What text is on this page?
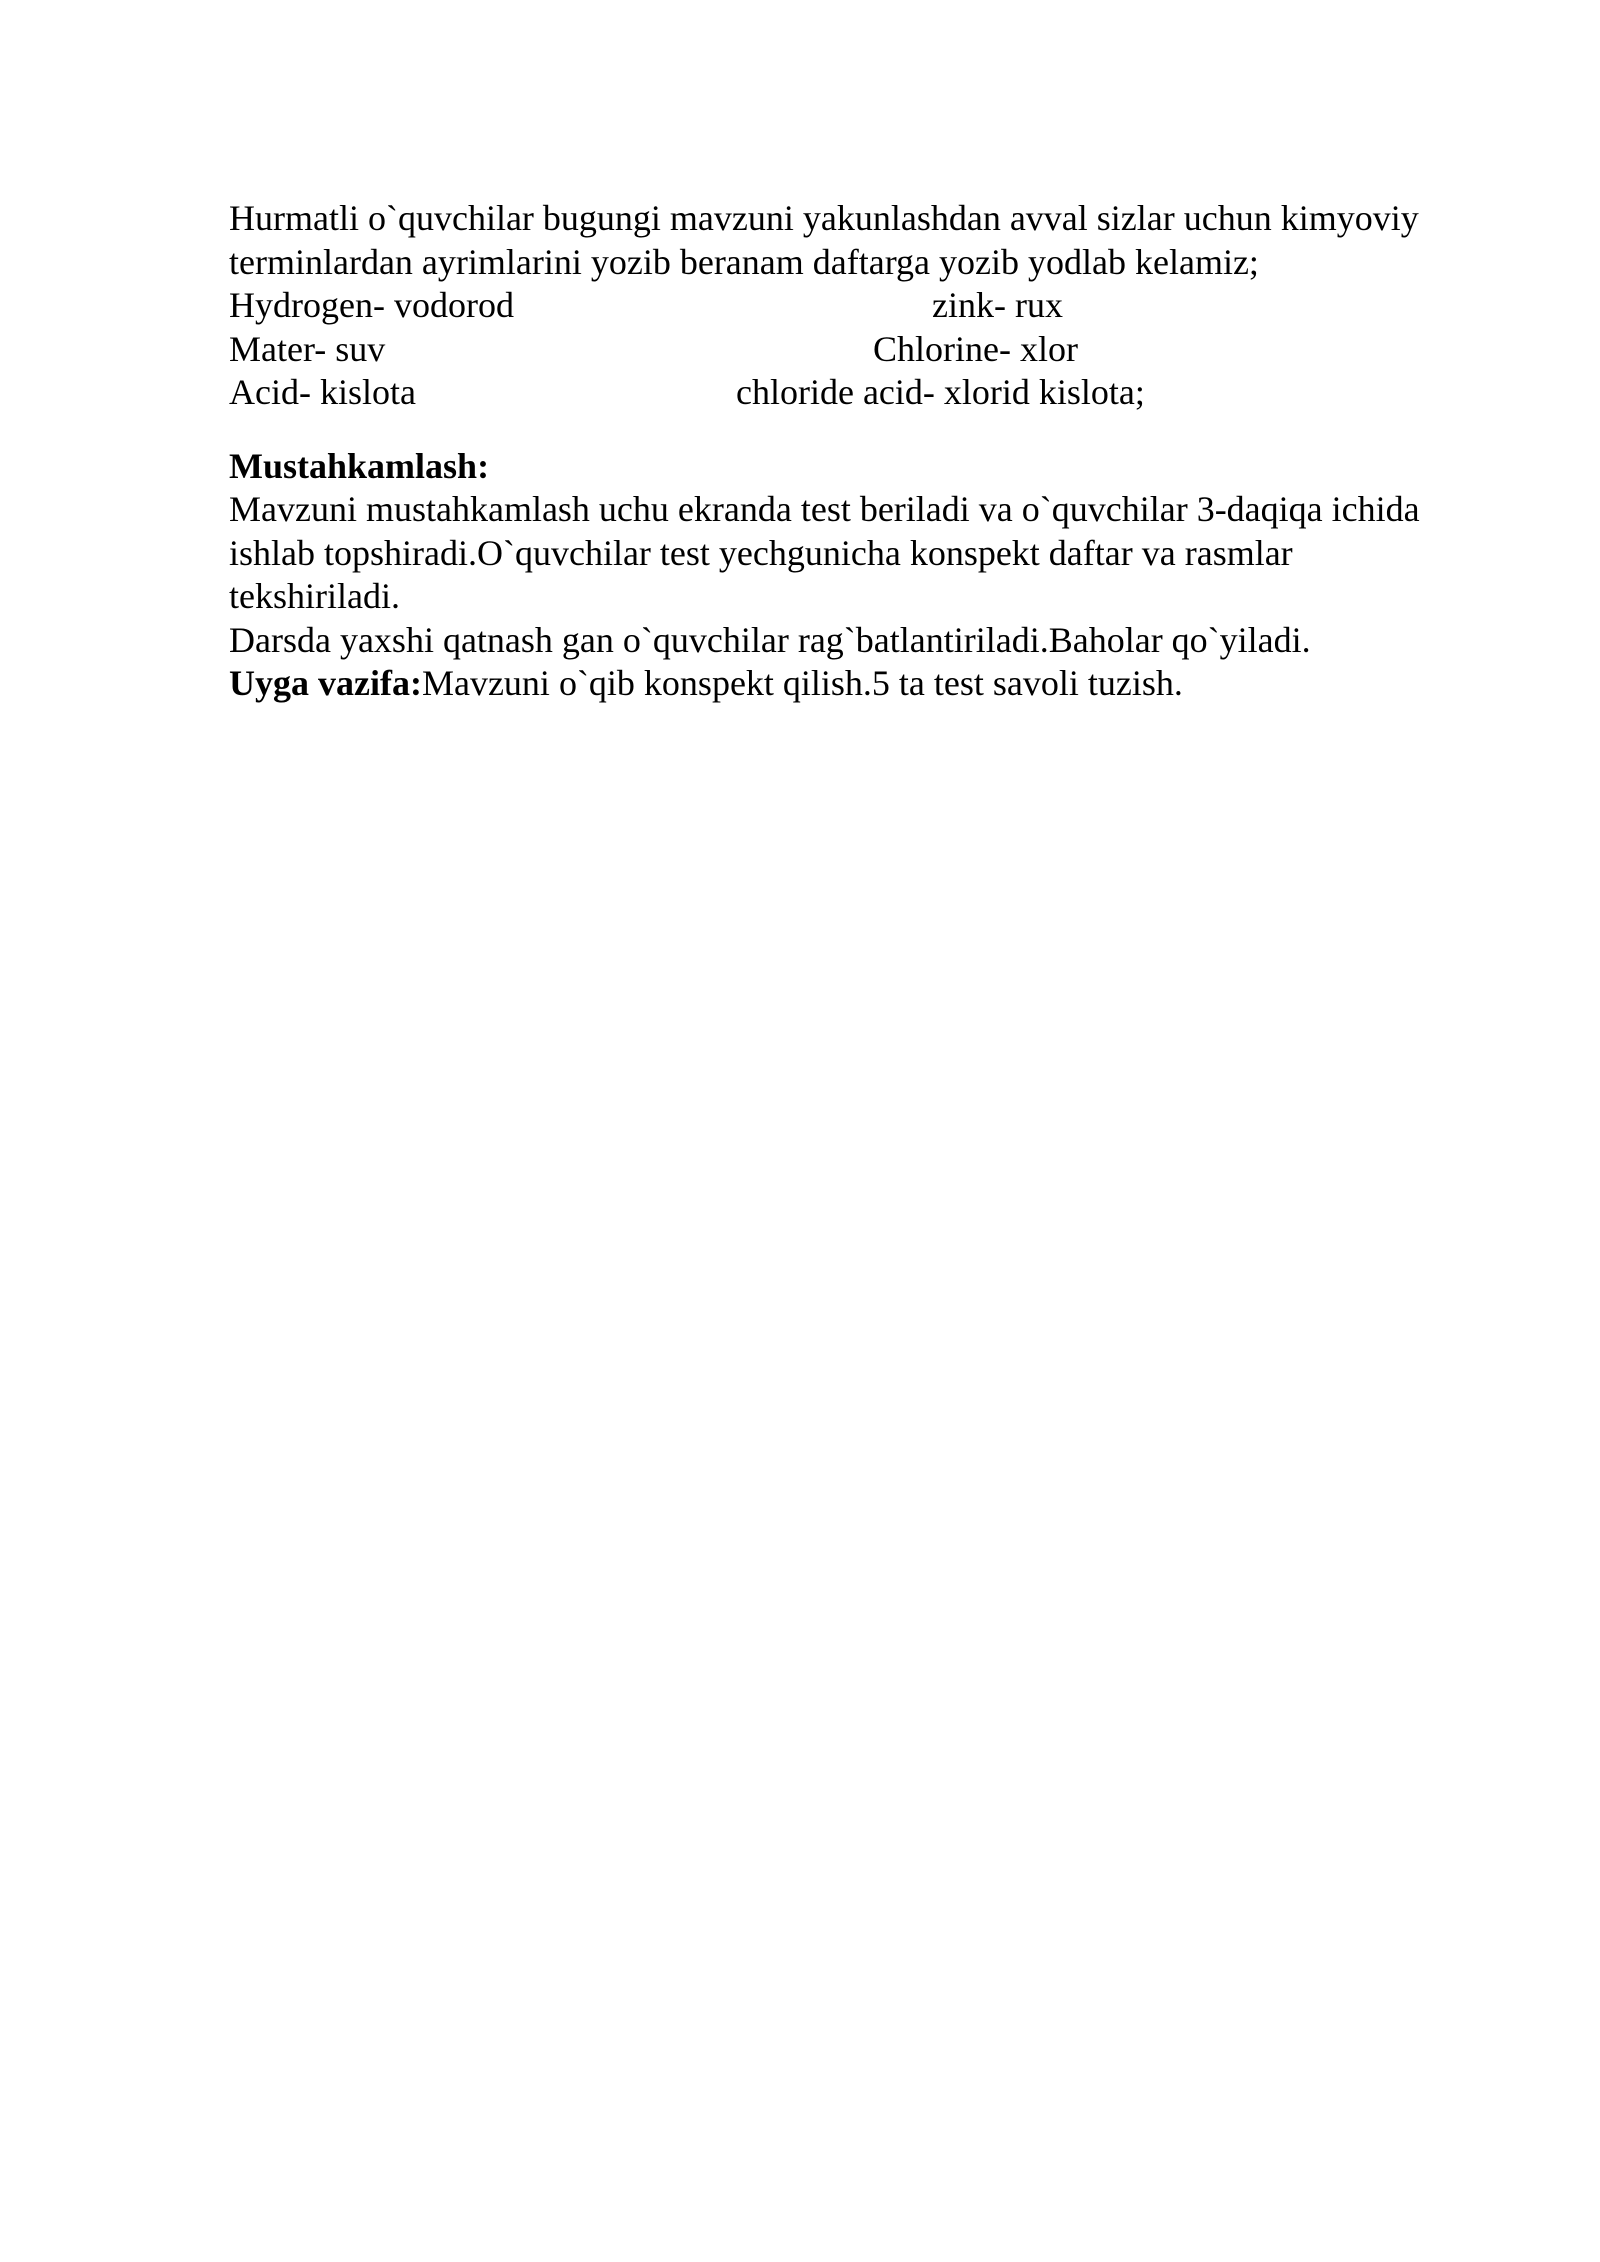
Hurmatli o`quvchilar bugungi mavzuni yakunlashdan avval sizlar uchun kimyoviy
terminlardan ayrimlarini yozib beranam daftarga yozib yodlab kelamiz;
Hydrogen- vodorod	zink- rux
Mater- suv	Chlorine- xlor
Acid- kislota	chloride acid- xlorid kislota;
Mustahkamlash:
Mavzuni mustahkamlash uchu ekranda test beriladi va o`quvchilar 3-daqiqa ichida
ishlab topshiradi.O`quvchilar test yechgunicha konspekt daftar va rasmlar
tekshiriladi.
Darsda yaxshi qatnash gan o`quvchilar rag`batlantiriladi.Baholar qo`yiladi.
Uyga vazifa:Mavzuni o`qib konspekt qilish.5 ta test savoli tuzish.
